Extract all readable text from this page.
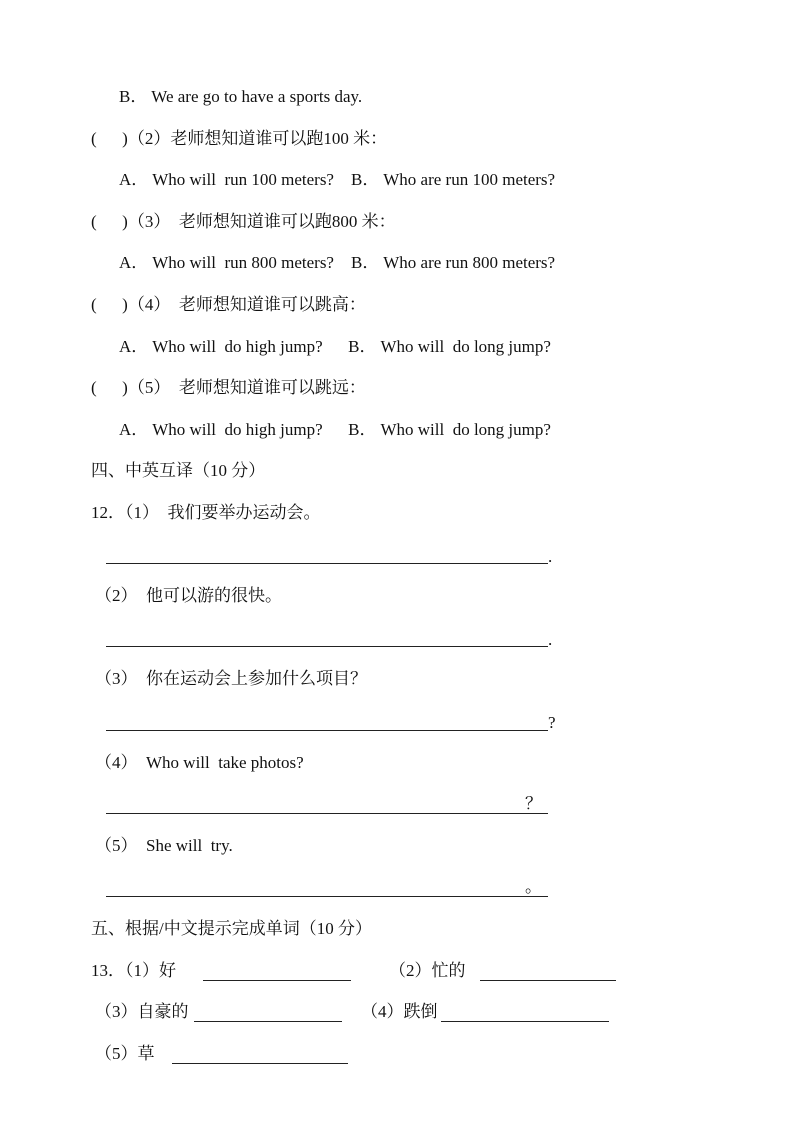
B． We are go to have a sports day.
(      )（2）老师想知道谁可以跑100 米：
A． Who will  run 100 meters?    B． Who are run 100 meters?
(      )（3）  老师想知道谁可以跑800 米：
A． Who will  run 800 meters?    B． Who are run 800 meters?
(      )（4）  老师想知道谁可以跳高：
A． Who will  do high jump?      B． Who will  do long jump?
(      )（5）  老师想知道谁可以跳远：
A． Who will  do high jump?      B． Who will  do long jump?
四、中英互译（10 分）
12．（1）  我们要举办运动会。
.
（2）  他可以游的很快。
.
（3）  你在运动会上参加什么项目？
?
（4）  Who will  take photos?
？
（5）  She will  try.
。
五、根据/中文提示完成单词（10 分）
13．（1）好	（2）忙的
（3）自豪的	（4）跌倒
（5）草
